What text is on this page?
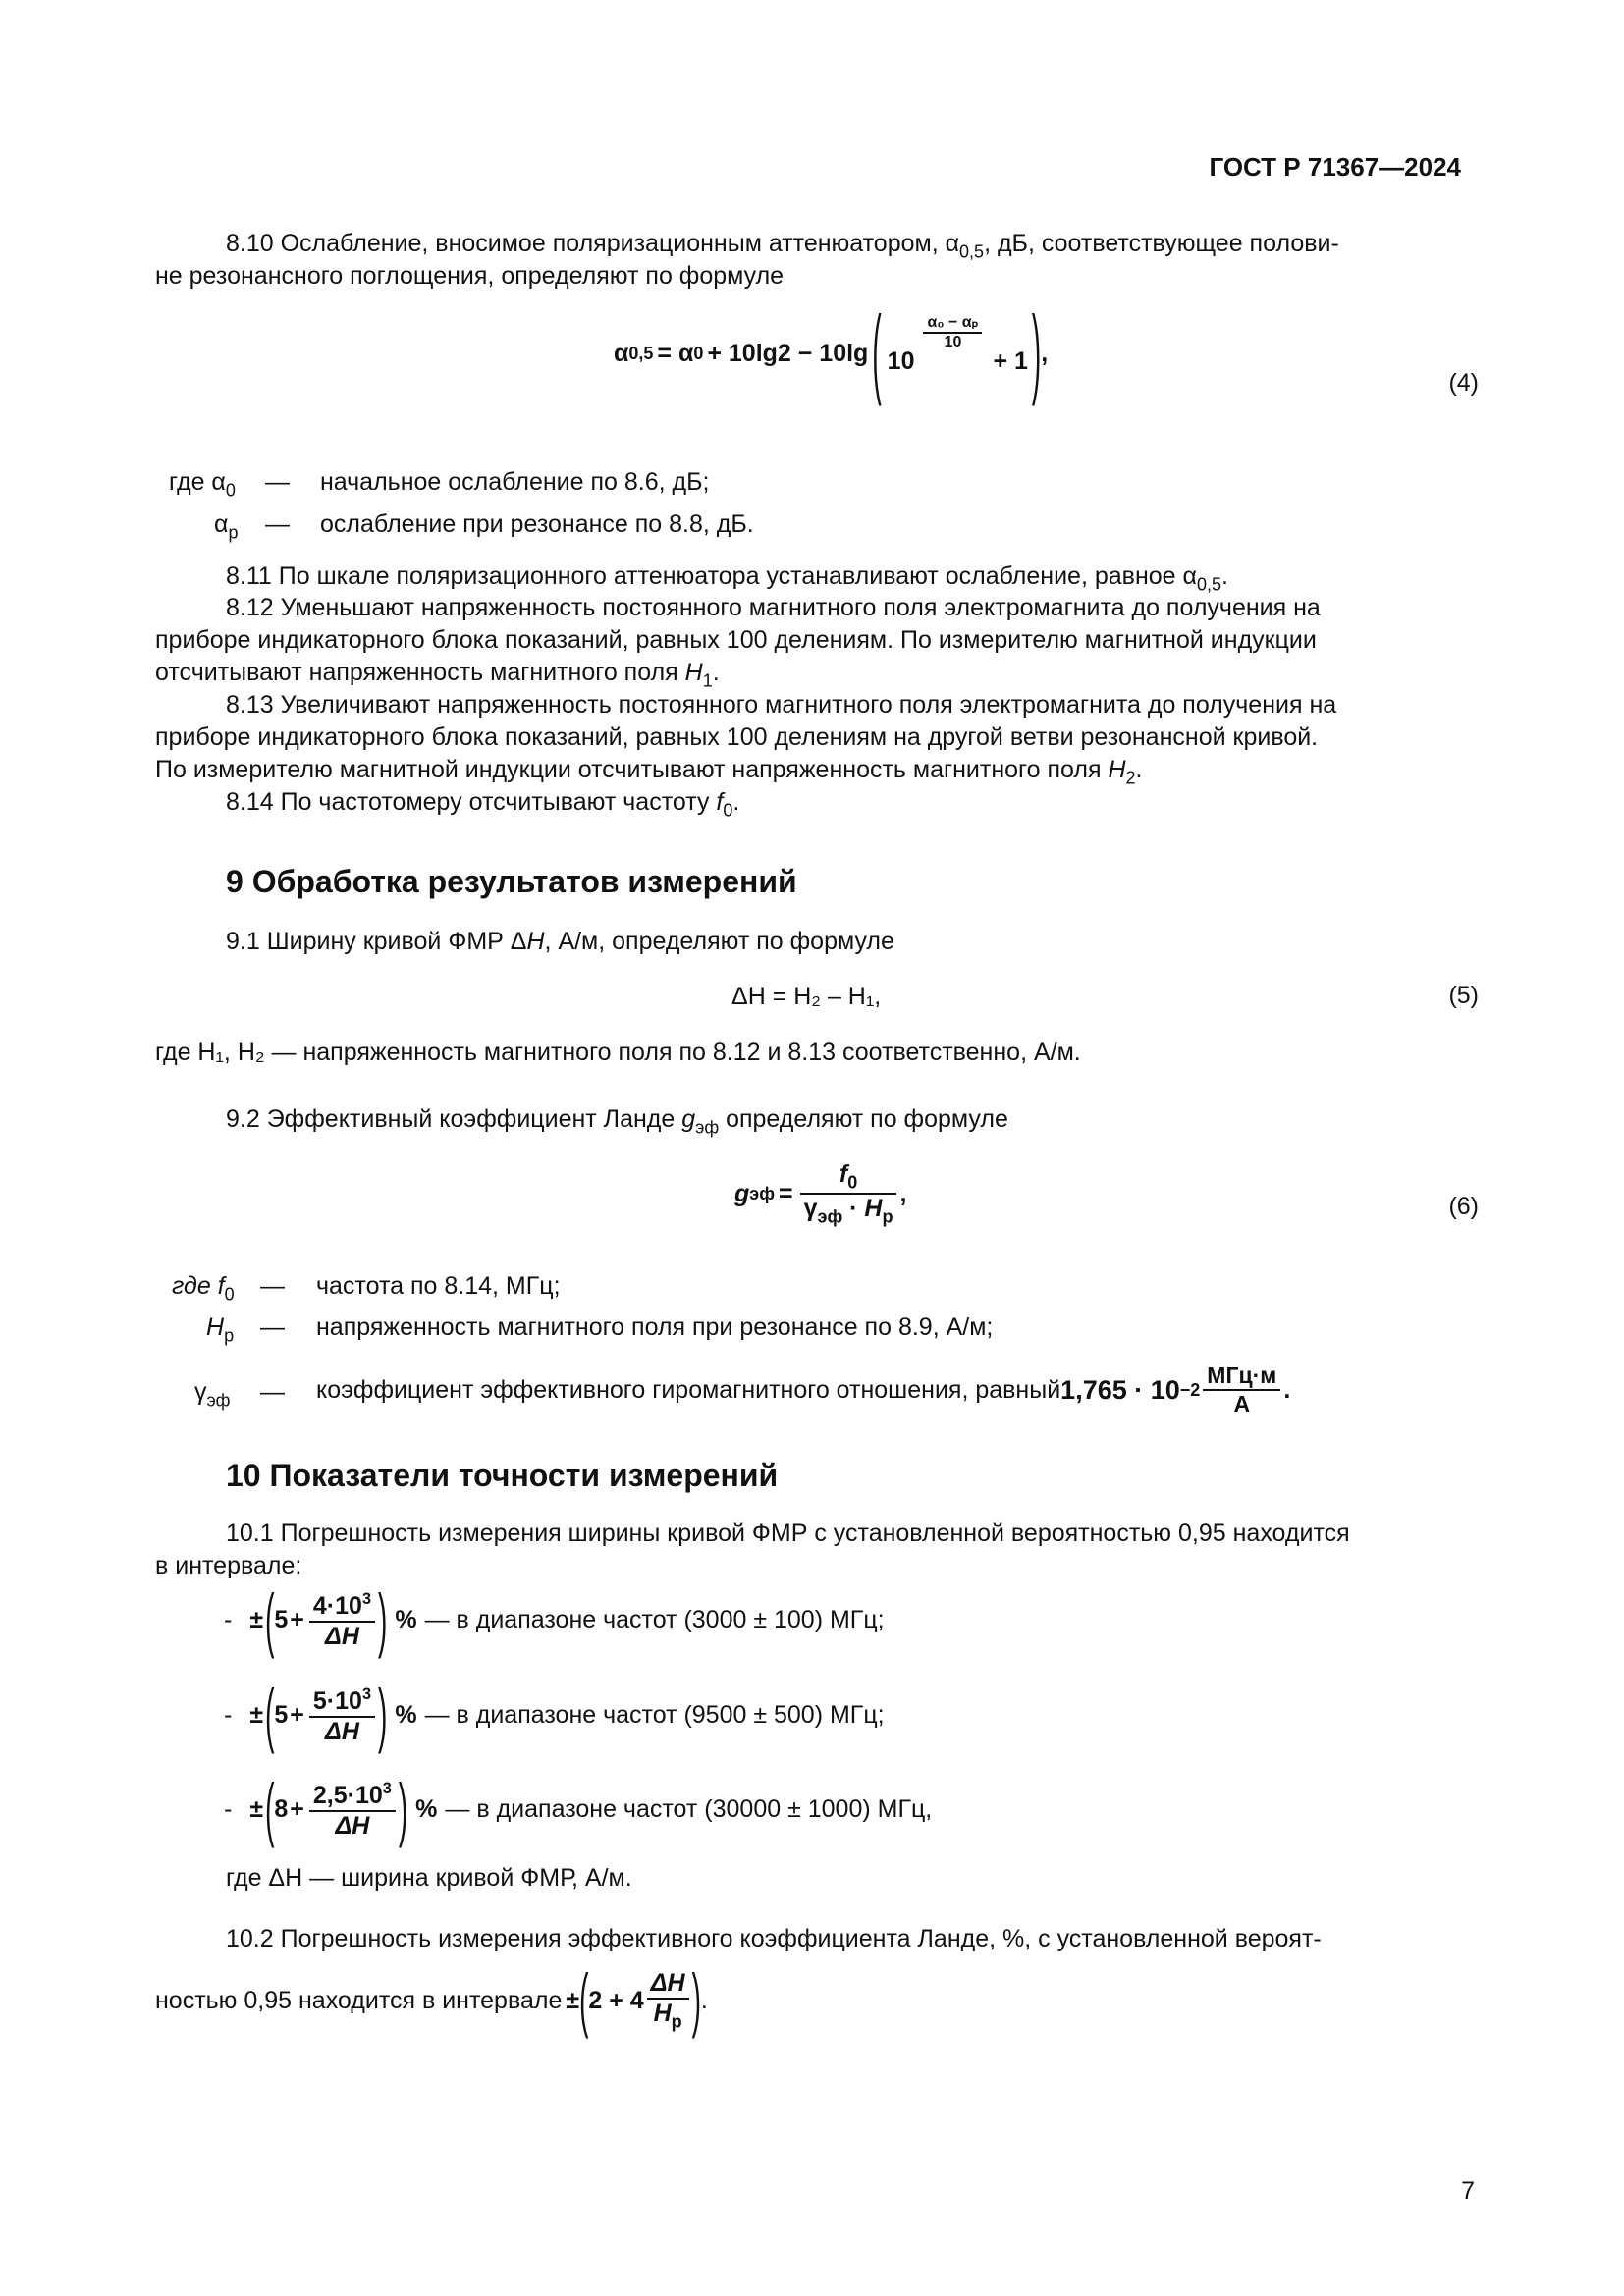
ГОСТ Р 71367—2024
8.10 Ослабление, вносимое поляризационным аттенюатором, $\alpha_{0,5}$, дБ, соответствующее полови-
не резонансного поглощения, определяют по формуле
α 0,5 = α 0 + 10lg2 − 10lg ( 10
$\frac{\text{α₀ − αₚ}}{10}$
+ 1 ) ,
(4)
где $\alpha_0$ — начальное ослабление по 8.6, дБ;
$\alpha_р$ — ослабление при резонансе по 8.8, дБ.
8.11 По шкале поляризационного аттенюатора устанавливают ослабление, равное $\alpha_{0,5}$.
8.12 Уменьшают напряженность постоянного магнитного поля электромагнита до получения на
приборе индикаторного блока показаний, равных 100 делениям. По измерителю магнитной индукции
отсчитывают напряженность магнитного поля $H_1$.
8.13 Увеличивают напряженность постоянного магнитного поля электромагнита до получения на
приборе индикаторного блока показаний, равных 100 делениям на другой ветви резонансной кривой.
По измерителю магнитной индукции отсчитывают напряженность магнитного поля $H_2$.
8.14 По частотомеру отсчитывают частоту $f_0$.
9 Обработка результатов измерений
9.1 Ширину кривой ФМР ΔH, А/м, определяют по формуле
ΔH = H₂ – H₁,	(5)
где H₁, H₂ — напряженность магнитного поля по 8.12 и 8.13 соответственно, А/м.
9.2 Эффективный коэффициент Ланде $g_{эф}$ определяют по формуле
g эф = $\frac{f_0}{\gamma_{эф} \cdot H_р}$ ,	(6)
где $f_0$ — частота по 8.14, МГц;
$H_р$ — напряженность магнитного поля при резонансе по 8.9, А/м;
$\gamma_{эф}$ — коэффициент эффективного гиромагнитного отношения, равный $1,765 \cdot 10 -2 \frac{\text{МГц·м}}{А}$ .
10 Показатели точности измерений
10.1 Погрешность измерения ширины кривой ФМР с установленной вероятностью 0,95 находится
в интервале:
- ± ( $5 + \frac{4\cdot 10^3}{\Delta H}$ ) % — в диапазоне частот (3000 ± 100) МГц;
- ± ( $5 + \frac{5\cdot 10^3}{\Delta H}$ ) % — в диапазоне частот (9500 ± 500) МГц;
- ± ( $8 + \frac{2,5\cdot 10^3}{\Delta H}$ ) % — в диапазоне частот (30000 ± 1000) МГц,
где ΔH — ширина кривой ФМР, А/м.
10.2 Погрешность измерения эффективного коэффициента Ланде, %, с установленной вероят-
ностью 0,95 находится в интервале ± ( $2 + 4 \frac{\Delta H}{H_р}$ ) .
7
